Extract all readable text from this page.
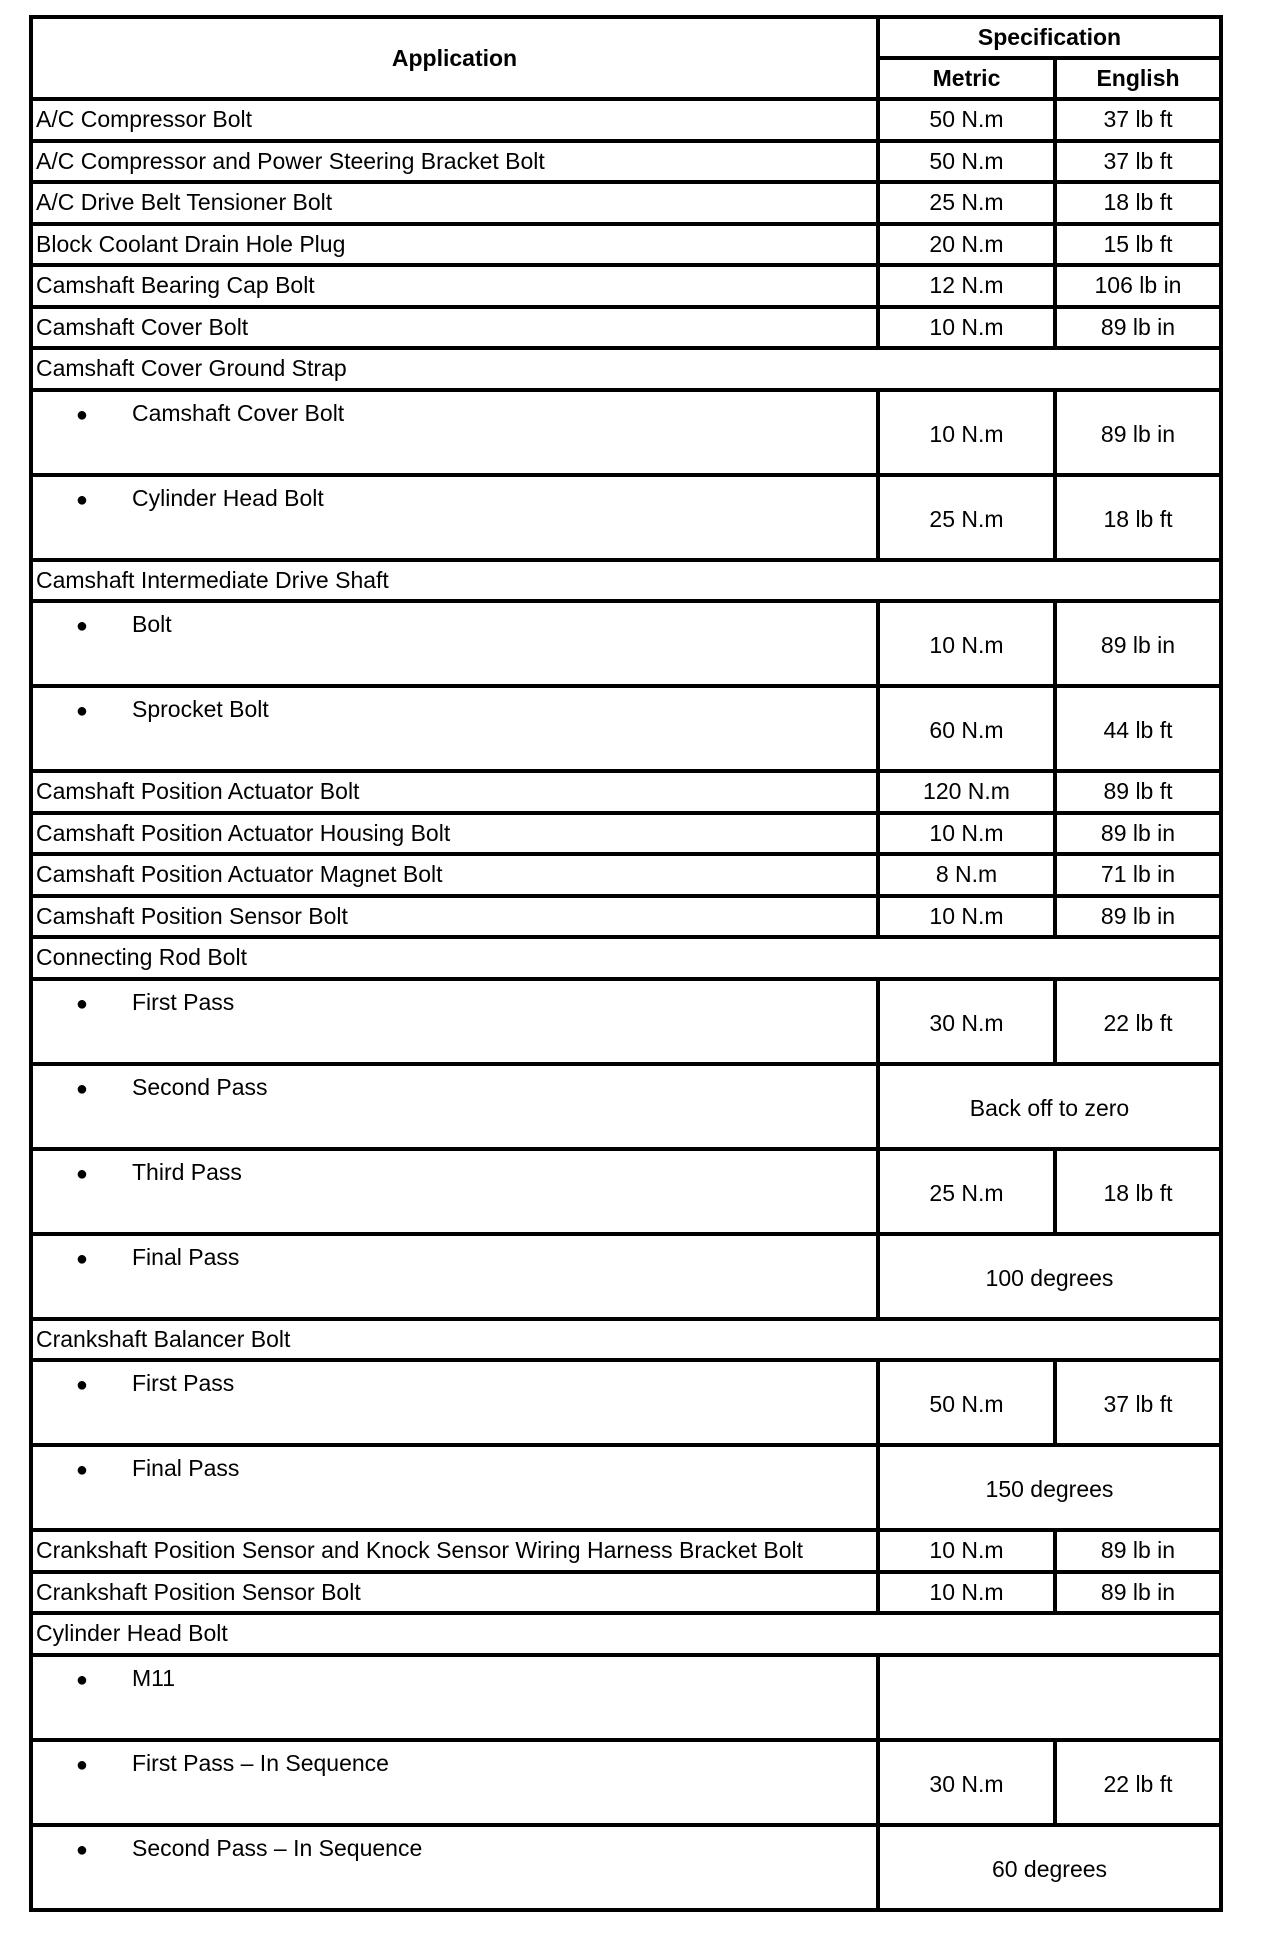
Application	Specification	
	Metric	English
A/C Compressor Bolt	50 N.m	37 lb ft
A/C Compressor and Power Steering Bracket Bolt	50 N.m	37 lb ft
A/C Drive Belt Tensioner Bolt	25 N.m	18 lb ft
Block Coolant Drain Hole Plug	20 N.m	15 lb ft
Camshaft Bearing Cap Bolt	12 N.m	106 lb in
Camshaft Cover Bolt	10 N.m	89 lb in
Camshaft Cover Ground Strap		
● Camshaft Cover Bolt	10 N.m	89 lb in
● Cylinder Head Bolt	25 N.m	18 lb ft
Camshaft Intermediate Drive Shaft		
● Bolt	10 N.m	89 lb in
● Sprocket Bolt	60 N.m	44 lb ft
Camshaft Position Actuator Bolt	120 N.m	89 lb ft
Camshaft Position Actuator Housing Bolt	10 N.m	89 lb in
Camshaft Position Actuator Magnet Bolt	8 N.m	71 lb in
Camshaft Position Sensor Bolt	10 N.m	89 lb in
Connecting Rod Bolt		
● First Pass	30 N.m	22 lb ft
● Second Pass	Back off to zero	
● Third Pass	25 N.m	18 lb ft
● Final Pass	100 degrees	
Crankshaft Balancer Bolt		
● First Pass	50 N.m	37 lb ft
● Final Pass	150 degrees	
Crankshaft Position Sensor and Knock Sensor Wiring Harness Bracket Bolt	10 N.m	89 lb in
Crankshaft Position Sensor Bolt	10 N.m	89 lb in
Cylinder Head Bolt		
● M11		
● First Pass – In Sequence	30 N.m	22 lb ft
● Second Pass – In Sequence	60 degrees	
